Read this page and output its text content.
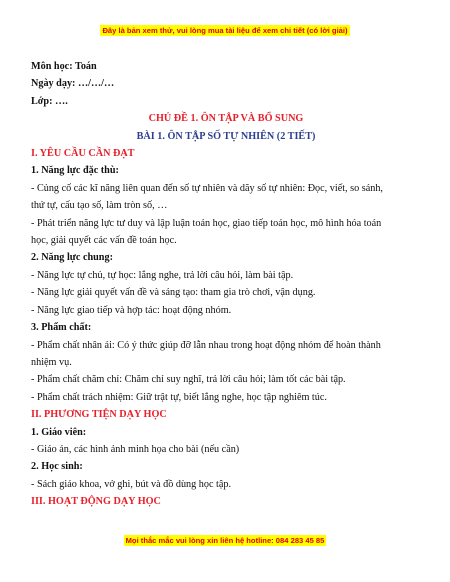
Đây là bản xem thử, vui lòng mua tài liệu để xem chi tiết (có lời giải)

Môn học: Toán

Ngày dạy: …/…/…

Lớp: ….

CHỦ ĐỀ 1. ÔN TẬP VÀ BỔ SUNG

BÀI 1. ÔN TẬP SỐ TỰ NHIÊN (2 TIẾT)

I. YÊU CẦU CẦN ĐẠT

1. Năng lực đặc thù:

- Củng cố các kĩ năng liên quan đến số tự nhiên và dãy số tự nhiên: Đọc, viết, so sánh,

thứ tự, cấu tạo số, làm tròn số, …

- Phát triển năng lực tư duy và lập luận toán học, giao tiếp toán học, mô hình hóa toán

học, giải quyết các vấn đề toán học.

2. Năng lực chung:

- Năng lực tự chủ, tự học: lắng nghe, trả lời câu hỏi, làm bài tập.

- Năng lực giải quyết vấn đề và sáng tạo: tham gia trò chơi, vận dụng.

- Năng lực giao tiếp và hợp tác: hoạt động nhóm.

3. Phẩm chất:

- Phẩm chất nhân ái: Có ý thức giúp đỡ lẫn nhau trong hoạt động nhóm để hoàn thành

nhiệm vụ.

- Phẩm chất chăm chỉ: Chăm chỉ suy nghĩ, trả lời câu hỏi; làm tốt các bài tập.

- Phẩm chất trách nhiệm: Giữ trật tự, biết lắng nghe, học tập nghiêm túc.

II. PHƯƠNG TIỆN DẠY HỌC

1. Giáo viên:

- Giáo án, các hình ảnh minh họa cho bài (nếu cần)

2. Học sinh:

- Sách giáo khoa, vở ghi, bút và đồ dùng học tập.

III. HOẠT ĐỘNG DẠY HỌC

Mọi thắc mắc vui lòng xin liên hệ hotline: 084 283 45 85
